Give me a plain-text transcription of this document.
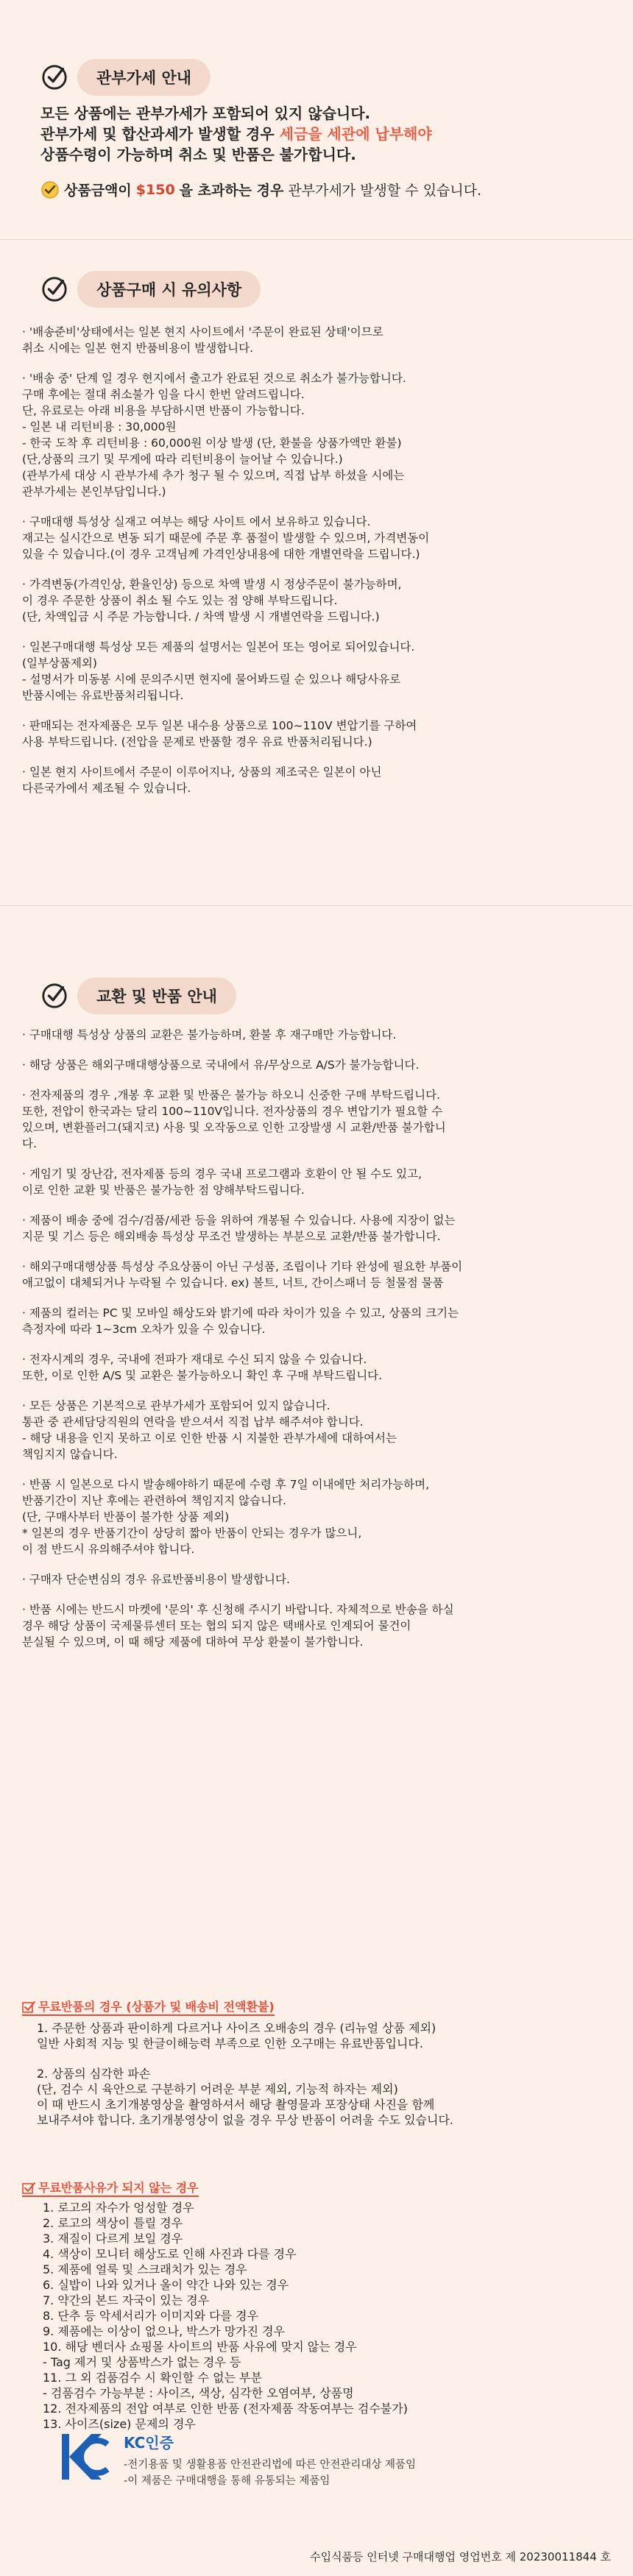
관부가세 안내
모든 상품에는 관부가세가 포함되어 있지 않습니다.
관부가세 및 합산과세가 발생할 경우 세금을 세관에 납부해야
상품수령이 가능하며 취소 및 반품은 불가합니다.
상품금액이 $150 을 초과하는 경우 관부가세가 발생할 수 있습니다.
상품구매 시 유의사항

· '배송준비'상태에서는 일본 현지 사이트에서 '주문이 완료된 상태'이므로
취소 시에는 일본 현지 반품비용이 발생합니다.

· '배송 중' 단계 일 경우 현지에서 출고가 완료된 것으로 취소가 불가능합니다.
구매 후에는 절대 취소불가 임을 다시 한번 알려드립니다.
단, 유료로는 아래 비용을 부담하시면 반품이 가능합니다.
- 일본 내 리턴비용 : 30,000원
- 한국 도착 후 리턴비용 : 60,000원 이상 발생 (단, 환불을 상품가액만 환불)
(단,상품의 크기 및 무게에 따라 리턴비용이 늘어날 수 있습니다.)
(관부가세 대상 시 관부가세 추가 청구 될 수 있으며, 직접 납부 하셨을 시에는
관부가세는 본인부담입니다.)

· 구매대행 특성상 실재고 여부는 해당 사이트 에서 보유하고 있습니다.
재고는 실시간으로 변동 되기 때문에 주문 후 품절이 발생할 수 있으며, 가격변동이
있을 수 있습니다.(이 경우 고객님께 가격인상내용에 대한 개별연락을 드립니다.)

· 가격변동(가격인상, 환율인상) 등으로 차액 발생 시 정상주문이 불가능하며,
이 경우 주문한 상품이 취소 될 수도 있는 점 양해 부탁드립니다.
(단, 차액입금 시 주문 가능합니다. / 차액 발생 시 개별연락을 드립니다.)

· 일본구매대행 특성상 모든 제품의 설명서는 일본어 또는 영어로 되어있습니다.
(일부상품제외)
- 설명서가 미동봉 시에 문의주시면 현지에 물어봐드릴 순 있으나 해당사유로
반품시에는 유료반품처리됩니다.

· 판매되는 전자제품은 모두 일본 내수용 상품으로 100~110V 변압기를 구하여
사용 부탁드립니다. (전압을 문제로 반품할 경우 유료 반품처리됩니다.)

· 일본 현지 사이트에서 주문이 이루어지나, 상품의 제조국은 일본이 아닌
다른국가에서 제조될 수 있습니다.

교환 및 반품 안내

· 구매대행 특성상 상품의 교환은 불가능하며, 환불 후 재구매만 가능합니다.

· 해당 상품은 해외구매대행상품으로 국내에서 유/무상으로 A/S가 불가능합니다.

· 전자제품의 경우 ,개봉 후 교환 및 반품은 불가능 하오니 신중한 구매 부탁드립니다.
또한, 전압이 한국과는 달리 100~110V입니다. 전자상품의 경우 변압기가 필요할 수
있으며, 변환플러그(돼지코) 사용 및 오작동으로 인한 고장발생 시 교환/반품 불가합니
다.

· 게임기 및 장난감, 전자제품 등의 경우 국내 프로그램과 호환이 안 될 수도 있고,
이로 인한 교환 및 반품은 불가능한 점 양해부탁드립니다.

· 제품이 배송 중에 검수/검품/세관 등을 위하여 개봉될 수 있습니다. 사용에 지장이 없는
지문 및 기스 등은 해외배송 특성상 무조건 발생하는 부분으로 교환/반품 불가합니다.

· 해외구매대행상품 특성상 주요상품이 아닌 구성품, 조립이나 기타 완성에 필요한 부품이
애고없이 대체되거나 누락될 수 있습니다. ex) 볼트, 너트, 간이스패너 등 철물점 물품

· 제품의 컬러는 PC 및 모바일 해상도와 밝기에 따라 차이가 있을 수 있고, 상품의 크기는
측정자에 따라 1~3cm 오차가 있을 수 있습니다.

· 전자시계의 경우, 국내에 전파가 재대로 수신 되지 않을 수 있습니다.
또한, 이로 인한 A/S 및 교환은 불가능하오니 확인 후 구매 부탁드립니다.

· 모든 상품은 기본적으로 관부가세가 포함되어 있지 않습니다.
통관 중 관세담당직원의 연락을 받으셔서 직접 납부 해주셔야 합니다.
- 해당 내용을 인지 못하고 이로 인한 반품 시 지불한 관부가세에 대하여서는
책임지지 않습니다.

· 반품 시 일본으로 다시 발송해야하기 때문에 수령 후 7일 이내에만 처리가능하며,
반품기간이 지난 후에는 관련하여 책임지지 않습니다.
(단, 구매사부터 반품이 불가한 상품 제외)
* 일본의 경우 반품기간이 상당히 짧아 반품이 안되는 경우가 많으니,
이 점 반드시 유의해주셔야 합니다.

· 구매자 단순변심의 경우 유료반품비용이 발생합니다.

· 반품 시에는 반드시 마켓에 '문의' 후 신청해 주시기 바랍니다. 자체적으로 반송을 하실
경우 해당 상품이 국제물류센터 또는 협의 되지 않은 택배사로 인계되어 물건이
분실될 수 있으며, 이 때 해당 제품에 대하여 무상 환불이 불가합니다.

무료반품의 경우 (상품가 및 배송비 전액환불)

1. 주문한 상품과 판이하게 다르거나 사이즈 오배송의 경우 (리뉴얼 상품 제외)
일반 사회적 지능 및 한글이해능력 부족으로 인한 오구매는 유료반품입니다.

2. 상품의 심각한 파손
(단, 검수 시 육안으로 구분하기 어려운 부분 제외, 기능적 하자는 제외)
이 때 반드시 초기개봉영상을 촬영하셔서 해당 촬영물과 포장상태 사진을 함께
보내주셔야 합니다. 초기개봉영상이 없을 경우 무상 반품이 어려울 수도 있습니다.

무료반품사유가 되지 않는 경우

1. 로고의 자수가 엉성할 경우
2. 로고의 색상이 틀릴 경우
3. 재질이 다르게 보일 경우
4. 색상이 모니터 해상도로 인해 사진과 다를 경우
5. 제품에 얼룩 및 스크래치가 있는 경우
6. 실밥이 나와 있거나 올이 약간 나와 있는 경우
7. 약간의 본드 자국이 있는 경우
8. 단추 등 악세서리가 이미지와 다를 경우
9. 제품에는 이상이 없으나, 박스가 망가진 경우
10. 해당 벤더사 쇼핑몰 사이트의 반품 사유에 맞지 않는 경우
- Tag 제거 및 상품박스가 없는 경우 등
11. 그 외 검품검수 시 확인할 수 없는 부분
- 검품검수 가능부분 : 사이즈, 색상, 심각한 오염여부, 상품명
12. 전자제품의 전압 여부로 인한 반품 (전자제품 작동여부는 검수불가)
13. 사이즈(size) 문제의 경우

KC인증
-전기용품 및 생활용품 안전관리법에 따른 안전관리대상 제품임
-이 제품은 구매대행을 통해 유통되는 제품임
수입식품등 인터넷 구매대행업 영업번호 제 20230011844 호
